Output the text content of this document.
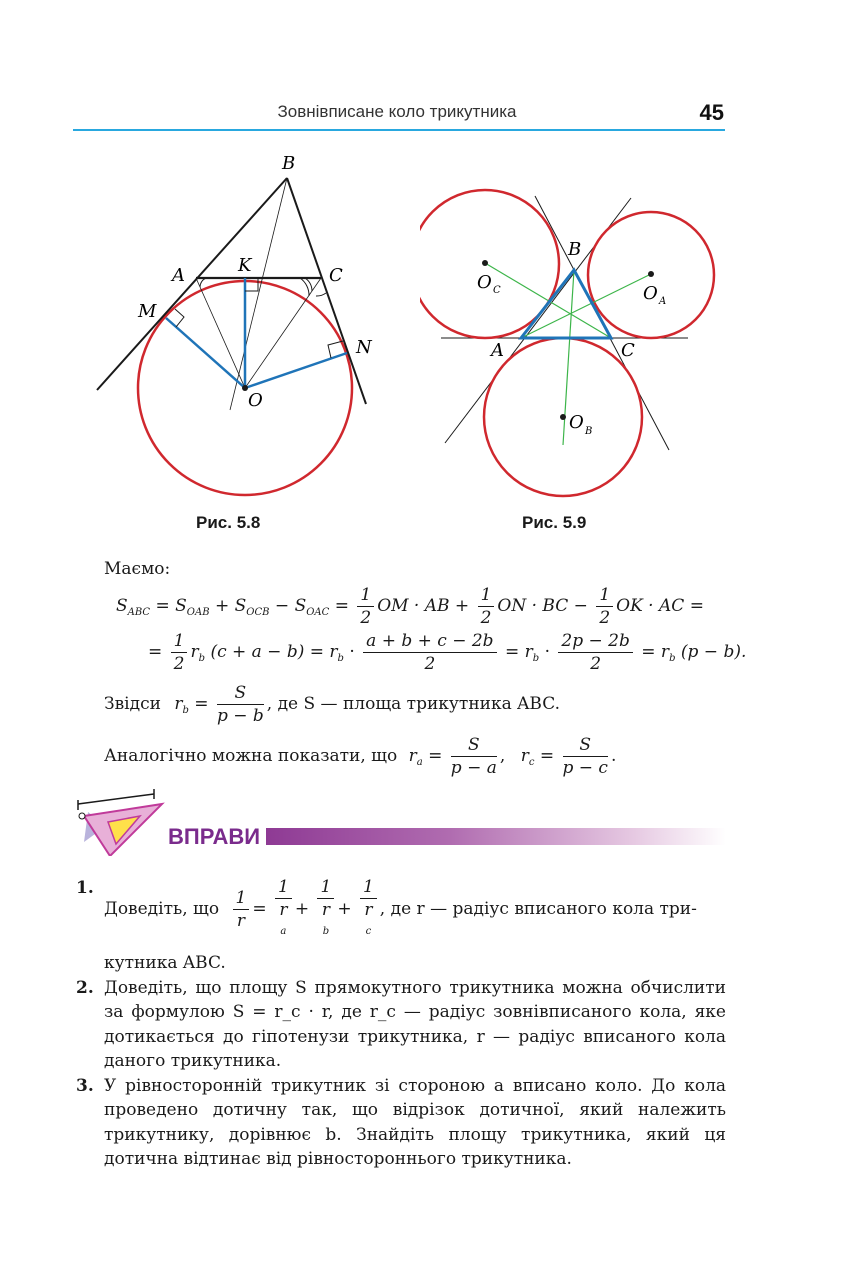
Зовнівписане коло трикутника	45
B
A	K	C
M
N
O
Рис. 5.8
B
A	C
O C	O A
O B
Рис. 5.9
Маємо:
$S_{ABC} = S_{OAB} + S_{OCB} - S_{OAC} = \frac{1}{2}$ OM · AB + $\frac{1}{2}$ ON · BC − $\frac{1}{2}$ OK · AC =
= $\frac{1}{2} r_b$ $(c + a - b) = r_b \cdot \frac{a + b + c - 2b}{2} = r_b \cdot \frac{2p - 2b}{2} = r_b$ (p − b).
Звідси $r_b = \frac{S}{p - b}$ , де S — площа трикутника ABC.
Аналогічно можна показати, що $r_a = \frac{S}{p - a}$ , $r_c = \frac{S}{p - c}$ .
ВПРАВИ
1.
Доведіть, що $\frac{1}{r} = 1$
r
a + 1
r
b + 1
r
c , де r — радіус вписаного кола три-
кутника ABC.
2. Доведіть, що площу S прямокутного трикутника можна обчислити за формулою S = r_c · r, де r_c — радіус зовнівписаного кола, яке дотикається до гіпотенузи трикутника, r — радіус вписаного кола даного трикутника.
3. У рівносторонній трикутник зі стороною a вписано коло. До кола проведено дотичну так, що відрізок дотичної, який належить трикутнику, дорівнює b. Знайдіть площу трикутника, який ця дотична відтинає від рівностороннього трикутника.
